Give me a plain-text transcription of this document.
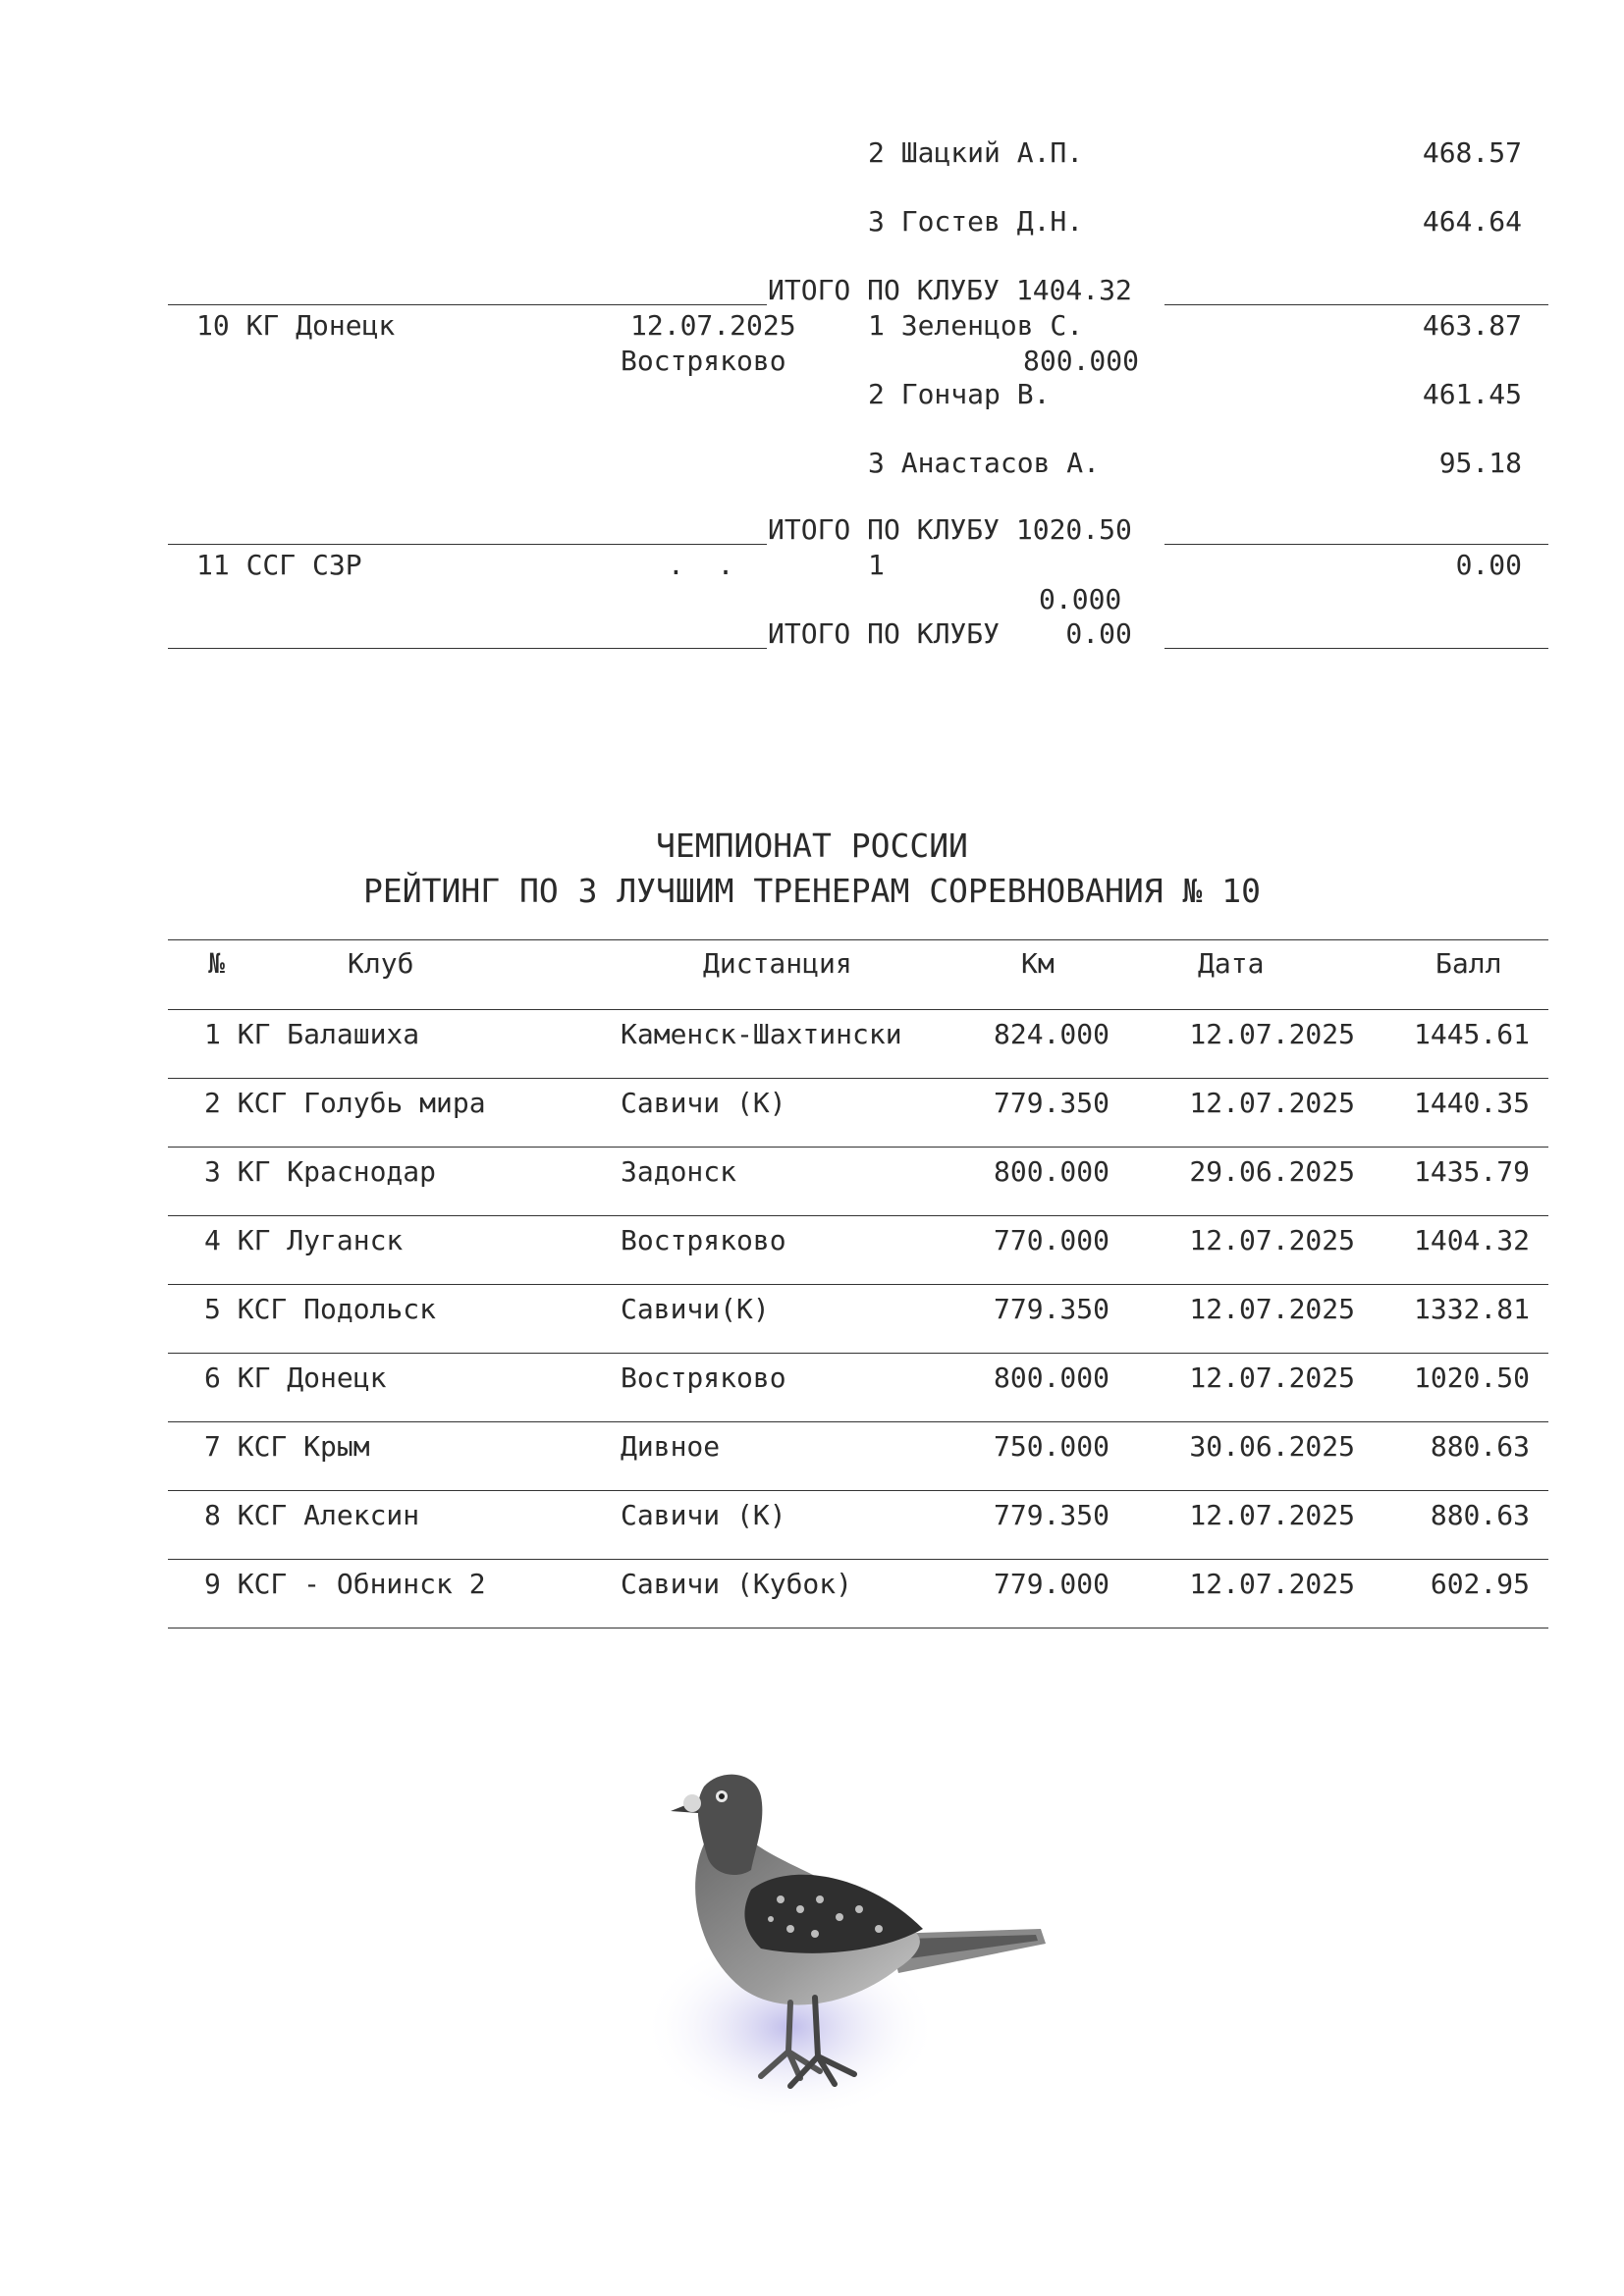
2 Шацкий А.П.	468.57
3 Гостев Д.Н.	464.64
ИТОГО ПО КЛУБУ 1404.32
10 КГ Донецк	12.07.2025	1 Зеленцов С.	463.87
Востряково	800.000
2 Гончар В.	461.45
3 Анастасов А.	95.18
ИТОГО ПО КЛУБУ 1020.50
11 ССГ СЗР	.  .	1	0.00
0.000
ИТОГО ПО КЛУБУ    0.00
ЧЕМПИОНАТ РОССИИ
РЕЙТИНГ ПО 3 ЛУЧШИМ ТРЕНЕРАМ СОРЕВНОВАНИЯ № 10
№	Клуб	Дистанция	Км	Дата	Балл
1 КГ Балашиха	Каменск-Шахтински	824.000	12.07.2025	1445.61
2 КСГ Голубь мира	Савичи (К)	779.350	12.07.2025	1440.35
3 КГ Краснодар	Задонск	800.000	29.06.2025	1435.79
4 КГ Луганск	Востряково	770.000	12.07.2025	1404.32
5 КСГ Подольск	Савичи(К)	779.350	12.07.2025	1332.81
6 КГ Донецк	Востряково	800.000	12.07.2025	1020.50
7 КСГ Крым	Дивное	750.000	30.06.2025	880.63
8 КСГ Алексин	Савичи (К)	779.350	12.07.2025	880.63
9 КСГ - Обнинск 2	Савичи (Кубок)	779.000	12.07.2025	602.95
